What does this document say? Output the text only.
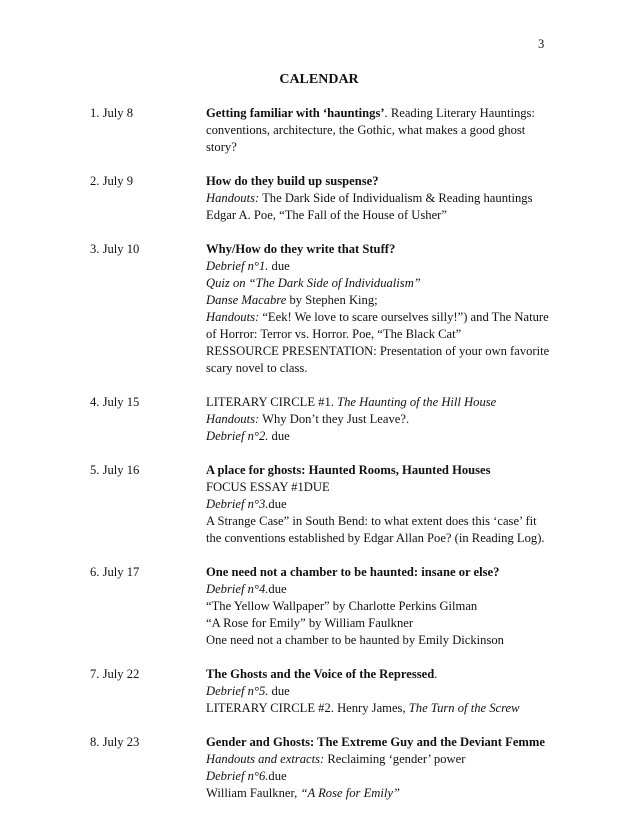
3
CALENDAR
1. July 8	Getting familiar with ‘hauntings’. Reading Literary Hauntings:
conventions, architecture, the Gothic, what makes a good ghost
story?
2. July 9	How do they build up suspense?
Handouts: The Dark Side of Individualism & Reading hauntings
Edgar A. Poe, “The Fall of the House of Usher”
3. July 10	Why/How do they write that Stuff?
Debrief n°1. due
Quiz on “The Dark Side of Individualism”
Danse Macabre by Stephen King;
Handouts: “Eek! We love to scare ourselves silly!”) and The Nature
of Horror: Terror vs. Horror. Poe, “The Black Cat”
RESSOURCE PRESENTATION: Presentation of your own favorite
scary novel to class.
4. July 15	LITERARY CIRCLE #1. The Haunting of the Hill House
Handouts: Why Don’t they Just Leave?.
Debrief n°2. due
5. July 16	A place for ghosts: Haunted Rooms, Haunted Houses
FOCUS ESSAY #1DUE
Debrief n°3.due
A Strange Case” in South Bend: to what extent does this ‘case’ fit
the conventions established by Edgar Allan Poe? (in Reading Log).
6. July 17	One need not a chamber to be haunted: insane or else?
Debrief n°4.due
“The Yellow Wallpaper” by Charlotte Perkins Gilman
“A Rose for Emily” by William Faulkner
One need not a chamber to be haunted by Emily Dickinson
7. July 22	The Ghosts and the Voice of the Repressed.
Debrief n°5. due
LITERARY CIRCLE #2. Henry James, The Turn of the Screw
8. July 23	Gender and Ghosts: The Extreme Guy and the Deviant Femme
Handouts and extracts: Reclaiming ‘gender’ power
Debrief n°6.due
William Faulkner, “A Rose for Emily”
